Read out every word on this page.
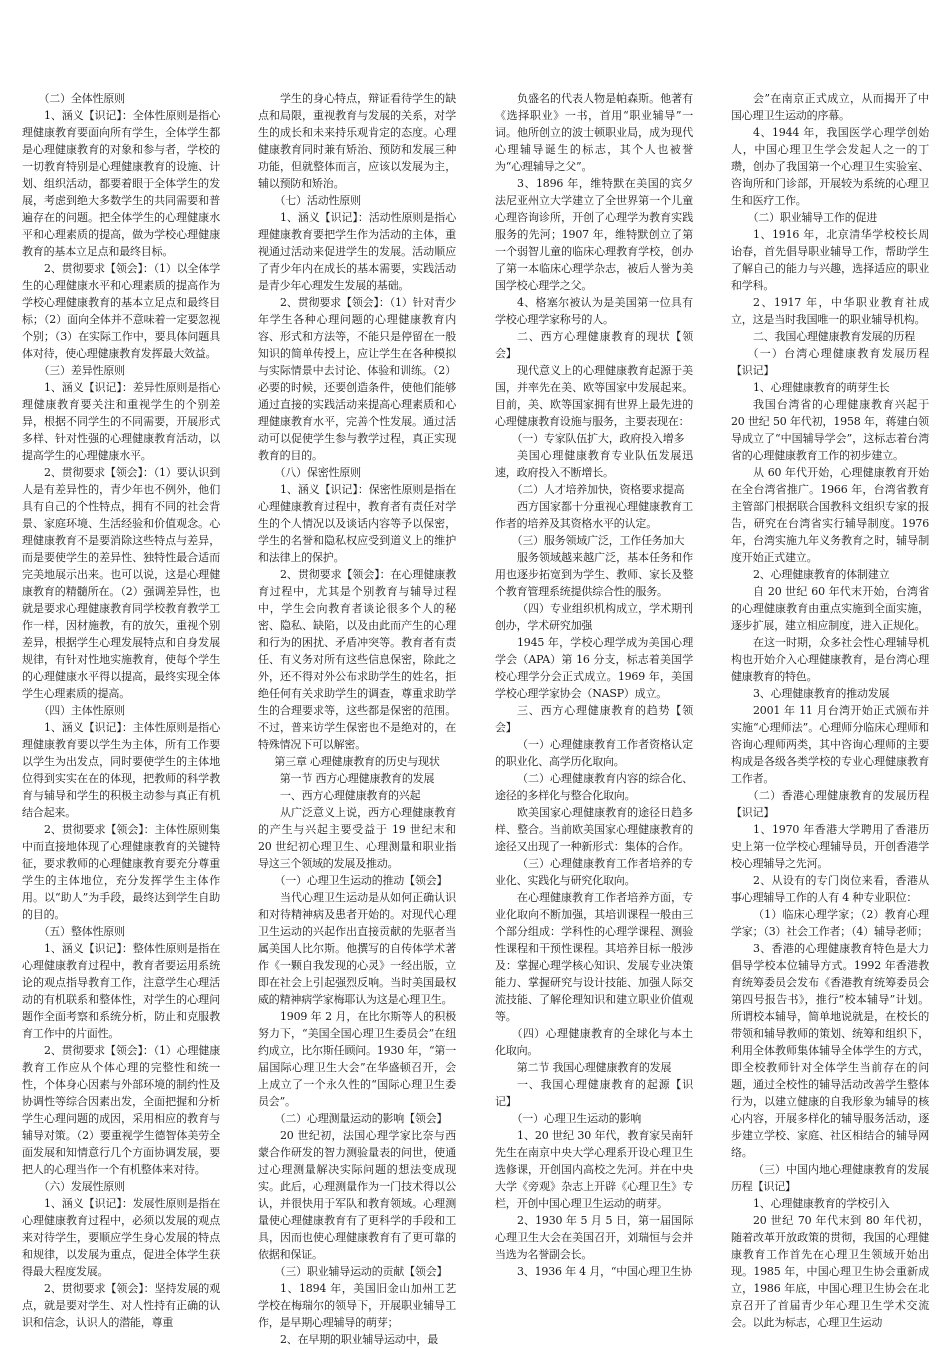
（二）全体性原则

1、涵义【识记】：全体性原则是指心理健康教育要面向所有学生，全体学生都是心理健康教育的对象和参与者，学校的一切教育特别是心理健康教育的设施、计划、组织活动，都要着眼于全体学生的发展，考虑到绝大多数学生的共同需要和普遍存在的问题。把全体学生的心理健康水平和心理素质的提高，做为学校心理健康教育的基本立足点和最终目标。

2、贯彻要求【领会】：（1）以全体学生的心理健康水平和心理素质的提高作为学校心理健康教育的基本立足点和最终目标；（2）面向全体并不意味着一定要忽视个别；（3）在实际工作中，要具体问题具体对待，使心理健康教育发挥最大效益。

（三）差异性原则

1、涵义【识记】：差异性原则是指心理健康教育要关注和重视学生的个别差异，根据不同学生的不同需要，开展形式多样、针对性强的心理健康教育活动，以提高学生的心理健康水平。

2、贯彻要求【领会】：（1）要认识到人是有差异性的，青少年也不例外，他们具有自己的个性特点，拥有不同的社会背景、家庭环境、生活经验和价值观念。心理健康教育不是要消除这些特点与差异，而是要使学生的差异性、独特性最合适而完美地展示出来。也可以说，这是心理健康教育的精髓所在。（2）强调差异性，也就是要求心理健康教育同学校教育教学工作一样，因材施教，有的放矢，重视个别差异，根据学生心理发展特点和自身发展规律，有针对性地实施教育，使每个学生的心理健康水平得以提高，最终实现全体学生心理素质的提高。

（四）主体性原则

1、涵义【识记】：主体性原则是指心理健康教育要以学生为主体，所有工作要以学生为出发点，同时要使学生的主体地位得到实实在在的体现，把教师的科学教育与辅导和学生的积极主动参与真正有机结合起来。

2、贯彻要求【领会】：主体性原则集中而直接地体现了心理健康教育的关键特征，要求教师的心理健康教育要充分尊重学生的主体地位，充分发挥学生主体作用。以“助人”为手段，最终达到学生自助的目的。

（五）整体性原则

1、涵义【识记】：整体性原则是指在心理健康教育过程中，教育者要运用系统论的观点指导教育工作，注意学生心理活动的有机联系和整体性，对学生的心理问题作全面考察和系统分析，防止和克服教育工作中的片面性。

2、贯彻要求【领会】：（1）心理健康教育工作应从个体心理的完整性和统一性，个体身心因素与外部环境的制约性及协调性等综合因素出发，全面把握和分析学生心理问题的成因，采用相应的教育与辅导对策。（2）要重视学生德智体美劳全面发展和知情意行几个方面协调发展，要把人的心理当作一个有机整体来对待。

（六）发展性原则

1、涵义【识记】：发展性原则是指在心理健康教育过程中，必须以发展的观点来对待学生，要顺应学生身心发展的特点和规律，以发展为重点，促进全体学生获得最大程度发展。

2、贯彻要求【领会】：坚持发展的观点，就是要对学生、对人性持有正确的认识和信念，认识人的潜能，尊重

学生的身心特点，辩证看待学生的缺点和局限，重视教育与发展的关系，对学生的成长和未来持乐观肯定的态度。心理健康教育同时兼有矫治、预防和发展三种功能，但就整体而言，应该以发展为主，辅以预防和矫治。

（七）活动性原则

1、涵义【识记】：活动性原则是指心理健康教育要把学生作为活动的主体，重视通过活动来促进学生的发展。活动顺应了青少年内在成长的基本需要，实践活动是青少年心理发生发展的基础。

2、贯彻要求【领会】：（1）针对青少年学生各种心理问题的心理健康教育内容、形式和方法等，不能只是停留在一般知识的简单传授上，应让学生在各种模拟与实际情景中去讨论、体验和训练。（2）必要的时候，还要创造条件，使他们能够通过直接的实践活动来提高心理素质和心理健康教育水平，完善个性发展。通过活动可以促使学生参与教学过程，真正实现教育的目的。

（八）保密性原则

1、涵义【识记】：保密性原则是指在心理健康教育过程中，教育者有责任对学生的个人情况以及谈话内容等予以保密，学生的名誉和隐私权应受到道义上的维护和法律上的保护。

2、贯彻要求【领会】：在心理健康教育过程中，尤其是个别教育与辅导过程中，学生会向教育者谈论很多个人的秘密、隐私、缺陷，以及由此而产生的心理和行为的困扰、矛盾冲突等。教育者有责任、有义务对所有这些信息保密，除此之外，还不得对外公布求助学生的姓名，拒绝任何有关求助学生的调查，尊重求助学生的合理要求等，这些都是保密的范围。不过，普来访学生保密也不是绝对的，在特殊情况下可以解密。

第三章 心理健康教育的历史与现状

第一节 西方心理健康教育的发展

一、西方心理健康教育的兴起

从广泛意义上说，西方心理健康教育的产生与兴起主要受益于 19 世纪末和 20 世纪初心理卫生、心理测量和职业指导这三个领域的发展及推动。

（一）心理卫生运动的推动【领会】

当代心理卫生运动是从如何正确认识和对待精神病及患者开始的。对现代心理卫生运动的兴起作出直接贡献的先驱者当属美国人比尔斯。他撰写的自传体学术著作《一颗自我发现的心灵》一经出版，立即在社会上引起强烈反响。当时美国最权威的精神病学家梅耶认为这是心理卫生。

1909 年 2 月，在比尔斯等人的积极努力下，“美国全国心理卫生委员会”在纽约成立，比尔斯任顾问。1930 年，“第一届国际心理卫生大会”在华盛顿召开，会上成立了一个永久性的“国际心理卫生委员会”。

（二）心理测量运动的影响【领会】

20 世纪初，法国心理学家比奈与西蒙合作研发的智力测验量表的问世，使通过心理测量解决实际问题的想法变成现实。此后，心理测量作为一门技术得以公认，并很快用于军队和教育领域。心理测量使心理健康教育有了更科学的手段和工具，因而也使心理健康教育有了更可靠的依据和保证。

（三）职业辅导运动的贡献【领会】

1、1894 年，美国旧金山加州工艺学校在梅瑞尔的领导下，开展职业辅导工作，是早期心理辅导的萌芽；

2、在早期的职业辅导运动中，最

负盛名的代表人物是帕森斯。他著有《选择职业》一书，首用“职业辅导”一词。他所创立的波士顿职业局，成为现代心理辅导诞生的标志，其个人也被誉为“心理辅导之父”。

3、1896 年，维特默在美国的宾夕法尼亚州立大学建立了全世界第一个儿童心理咨询诊所，开创了心理学为教育实践服务的先河；1907 年，维特默创立了第一个弱智儿童的临床心理教育学校，创办了第一本临床心理学杂志，被后人誉为美国学校心理学之父。

4、格塞尔被认为是美国第一位具有学校心理学家称号的人。

二、西方心理健康教育的现状【领会】

现代意义上的心理健康教育起源于美国，并率先在美、欧等国家中发展起来。目前，美、欧等国家拥有世界上最先进的心理健康教育设施与服务，主要表现在：

（一）专家队伍扩大，政府投入增多

美国心理健康教育专业队伍发展迅速，政府投入不断增长。

（二）人才培养加快，资格要求提高

西方国家都十分重视心理健康教育工作者的培养及其资格水平的认定。

（三）服务领域广泛，工作任务加大

服务领域越来越广泛，基本任务和作用也逐步拓宽到为学生、教师、家长及整个教育管理系统提供综合性的服务。

（四）专业组织机构成立，学术期刊创办，学术研究加强

1945 年，学校心理学成为美国心理学会（APA）第 16 分支，标志着美国学校心理学分会正式成立。1969 年，美国学校心理学家协会（NASP）成立。

三、西方心理健康教育的趋势【领会】

（一）心理健康教育工作者资格认定的职业化、高学历化取向。

（二）心理健康教育内容的综合化、途径的多样化与整合化取向。

欧美国家心理健康教育的途径日趋多样、整合。当前欧美国家心理健康教育的途径又出现了一种新形式：集体的合作。

（三）心理健康教育工作者培养的专业化、实践化与研究化取向。

在心理健康教育工作者培养方面，专业化取向不断加强，其培训课程一般由三个部分组成：学科性的心理学课程、测验性课程和干预性课程。其培养目标一般涉及：掌握心理学核心知识、发展专业决策能力、掌握研究与设计技能、加强人际交流技能、了解伦理知识和建立职业价值观等。

（四）心理健康教育的全球化与本土化取向。

第二节 我国心理健康教育的发展

一、我国心理健康教育的起源【识记】

（一）心理卫生运动的影响

1、20 世纪 30 年代，教育家吴南轩先生在南京中央大学心理系开设心理卫生选修课，开创国内高校之先河。并在中央大学《旁观》杂志上开辟《心理卫生》专栏，开创中国心理卫生运动的萌芽。

2、1930 年 5 月 5 日，第一届国际心理卫生大会在美国召开，刘瑞恒与会并当选为名誉副会长。

3、1936 年 4 月，“中国心理卫生协

会”在南京正式成立，从而揭开了中国心理卫生运动的序幕。

4、1944 年，我国医学心理学创始人，中国心理卫生学会发起人之一的丁瓒，创办了我国第一个心理卫生实验室、咨询所和门诊部，开展较为系统的心理卫生和医疗工作。

（二）职业辅导工作的促进

1、1916 年，北京清华学校校长周诒春，首先倡导职业辅导工作，帮助学生了解自己的能力与兴趣，选择适应的职业和学科。

2、1917 年，中华职业教育社成立，这是当时我国唯一的职业辅导机构。

二、我国心理健康教育发展的历程

（一）台湾心理健康教育发展历程【识记】

1、心理健康教育的萌芽生长

我国台湾省的心理健康教育兴起于 20 世纪 50 年代初，1958 年，蒋建白领导成立了“中国辅导学会”，这标志着台湾省的心理健康教育工作的初步建立。

从 60 年代开始，心理健康教育开始在全台湾省推广。1966 年，台湾省教育主管部门根据联合国教科文组织专家的报告，研究在台湾省实行辅导制度。1976 年，台湾实施九年义务教育之时，辅导制度开始正式建立。

2、心理健康教育的体制建立

自 20 世纪 60 年代末开始，台湾省的心理健康教育由重点实施到全面实施，逐步扩展，建立相应制度，进入正规化。

在这一时期，众多社会性心理辅导机构也开始介入心理健康教育，是台湾心理健康教育的特色。

3、心理健康教育的推动发展

2001 年 11 月台湾开始正式颁布并实施“心理师法”。心理师分临床心理师和咨询心理师两类，其中咨询心理师的主要构成是各级各类学校的专业心理健康教育工作者。

（二）香港心理健康教育的发展历程【识记】

1、1970 年香港大学聘用了香港历史上第一位学校心理辅导员，开创香港学校心理辅导之先河。

2、从设有的专门岗位来看，香港从事心理辅导工作的人有 4 种专业职位：

（1）临床心理学家；（2）教育心理学家；（3）社会工作者；（4）辅导老师；

3、香港的心理健康教育特色是大力倡导学校本位辅导方式。1992 年香港教育统筹委员会发布《香港教育统筹委员会第四号报告书》，推行“校本辅导”计划。所谓校本辅导，简单地说就是，在校长的带领和辅导教师的策划、统筹和组织下，利用全体教师集体辅导全体学生的方式，即全校教师针对全体学生当前存在的问题，通过全校性的辅导活动改善学生整体行为，以建立健康的自我形象为辅导的核心内容，开展多样化的辅导服务活动，逐步建立学校、家庭、社区相结合的辅导网络。

（三）中国内地心理健康教育的发展历程【识记】

1、心理健康教育的学校引入

20 世纪 70 年代末到 80 年代初，随着改革开放政策的贯彻，我国的心理健康教育工作首先在心理卫生领域开始出现。1985 年，中国心理卫生协会重新成立，1986 年底，中国心理卫生协会在北京召开了首届青少年心理卫生学术交流会。以此为标志，心理卫生运动
